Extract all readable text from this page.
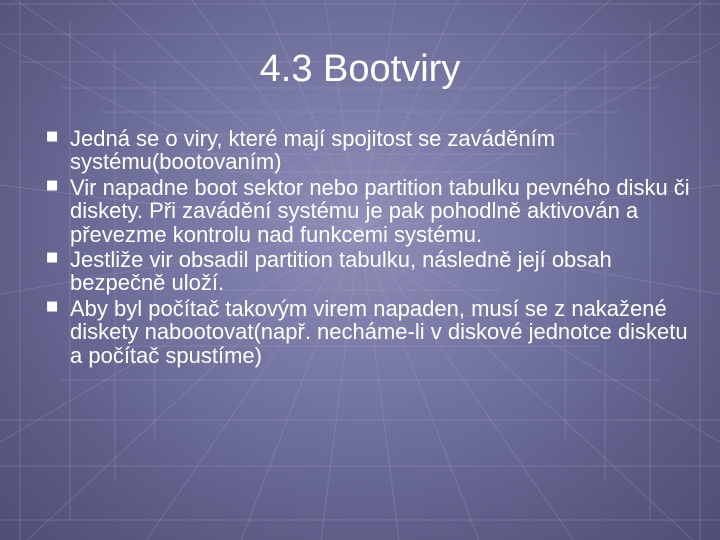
4.3 Bootviry
■ Jedná se o viry, které mají spojitost se zaváděním systému(bootovaním)
■ Vir napadne boot sektor nebo partition tabulku pevného disku či diskety. Při zavádění systému je pak pohodlně aktivován a převezme kontrolu nad funkcemi systému.
■ Jestliže vir obsadil partition tabulku, následně její obsah bezpečně uloží.
■ Aby byl počítač takovým virem napaden, musí se z nakažené diskety nabootovat(např. necháme-li v diskové jednotce disketu a počítač spustíme)
